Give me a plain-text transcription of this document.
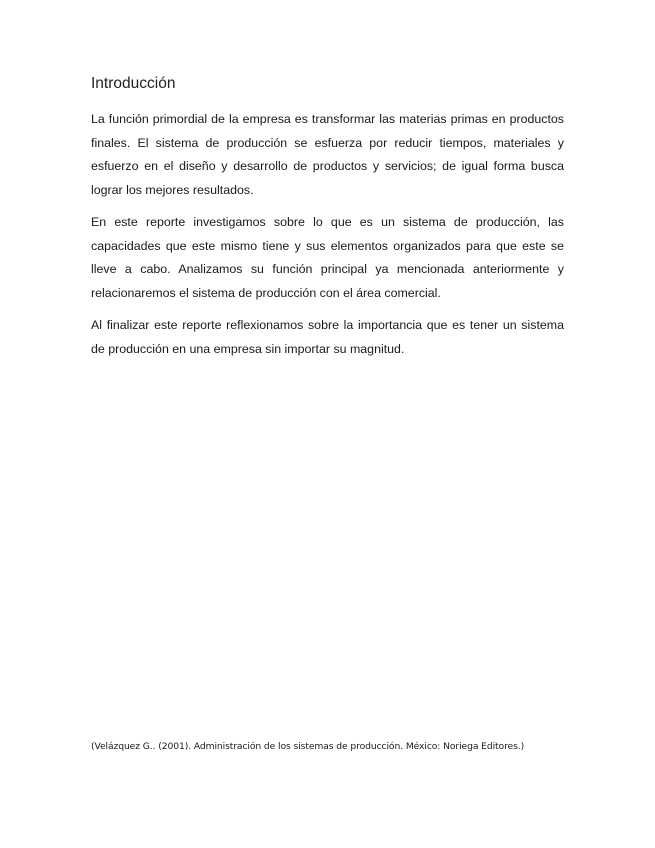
Introducción

La función primordial de la empresa es transformar las materias primas en productos finales. El sistema de producción se esfuerza por reducir tiempos, materiales y esfuerzo en el diseño y desarrollo de productos y servicios; de igual forma busca lograr los mejores resultados.

En este reporte investigamos sobre lo que es un sistema de producción, las capacidades que este mismo tiene y sus elementos organizados para que este se lleve a cabo. Analizamos su función principal ya mencionada anteriormente y relacionaremos el sistema de producción con el área comercial.

Al finalizar este reporte reflexionamos sobre la importancia que es tener un sistema de producción en una empresa sin importar su magnitud.

(Velázquez G.. (2001). Administración de los sistemas de producción. México: Noriega Editores.)
